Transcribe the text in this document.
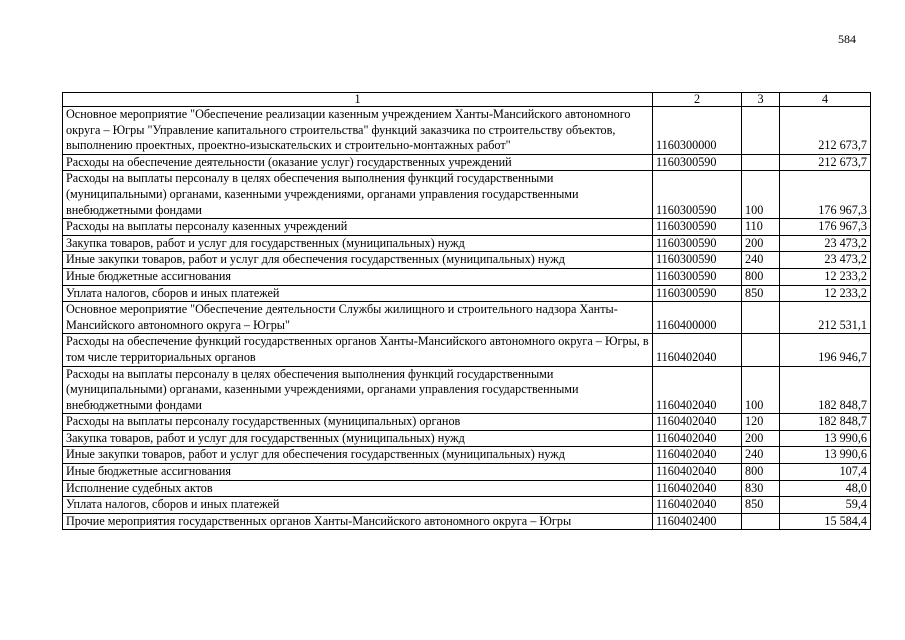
584
1	2	3	4
Основное мероприятие "Обеспечение реализации казенным учреждением Ханты-Мансийского автономного округа – Югры "Управление капитального строительства" функций заказчика по строительству объектов, выполнению проектных, проектно-изыскательских и строительно-монтажных работ"	1160300000		212 673,7
Расходы на обеспечение деятельности (оказание услуг) государственных учреждений	1160300590		212 673,7
Расходы на выплаты персоналу в целях обеспечения выполнения функций государственными (муниципальными) органами, казенными учреждениями, органами управления государственными внебюджетными фондами	1160300590	100	176 967,3
Расходы на выплаты персоналу казенных учреждений	1160300590	110	176 967,3
Закупка товаров, работ и услуг для государственных (муниципальных) нужд	1160300590	200	23 473,2
Иные закупки товаров, работ и услуг для обеспечения государственных (муниципальных) нужд	1160300590	240	23 473,2
Иные бюджетные ассигнования	1160300590	800	12 233,2
Уплата налогов, сборов и иных платежей	1160300590	850	12 233,2
Основное мероприятие "Обеспечение деятельности Службы жилищного и строительного надзора Ханты-Мансийского автономного округа – Югры"	1160400000		212 531,1
Расходы на обеспечение функций государственных органов Ханты-Мансийского автономного округа – Югры, в том числе территориальных органов	1160402040		196 946,7
Расходы на выплаты персоналу в целях обеспечения выполнения функций государственными (муниципальными) органами, казенными учреждениями, органами управления государственными внебюджетными фондами	1160402040	100	182 848,7
Расходы на выплаты персоналу государственных (муниципальных) органов	1160402040	120	182 848,7
Закупка товаров, работ и услуг для государственных (муниципальных) нужд	1160402040	200	13 990,6
Иные закупки товаров, работ и услуг для обеспечения государственных (муниципальных) нужд	1160402040	240	13 990,6
Иные бюджетные ассигнования	1160402040	800	107,4
Исполнение судебных актов	1160402040	830	48,0
Уплата налогов, сборов и иных платежей	1160402040	850	59,4
Прочие мероприятия государственных органов Ханты-Мансийского автономного округа – Югры	1160402400		15 584,4
